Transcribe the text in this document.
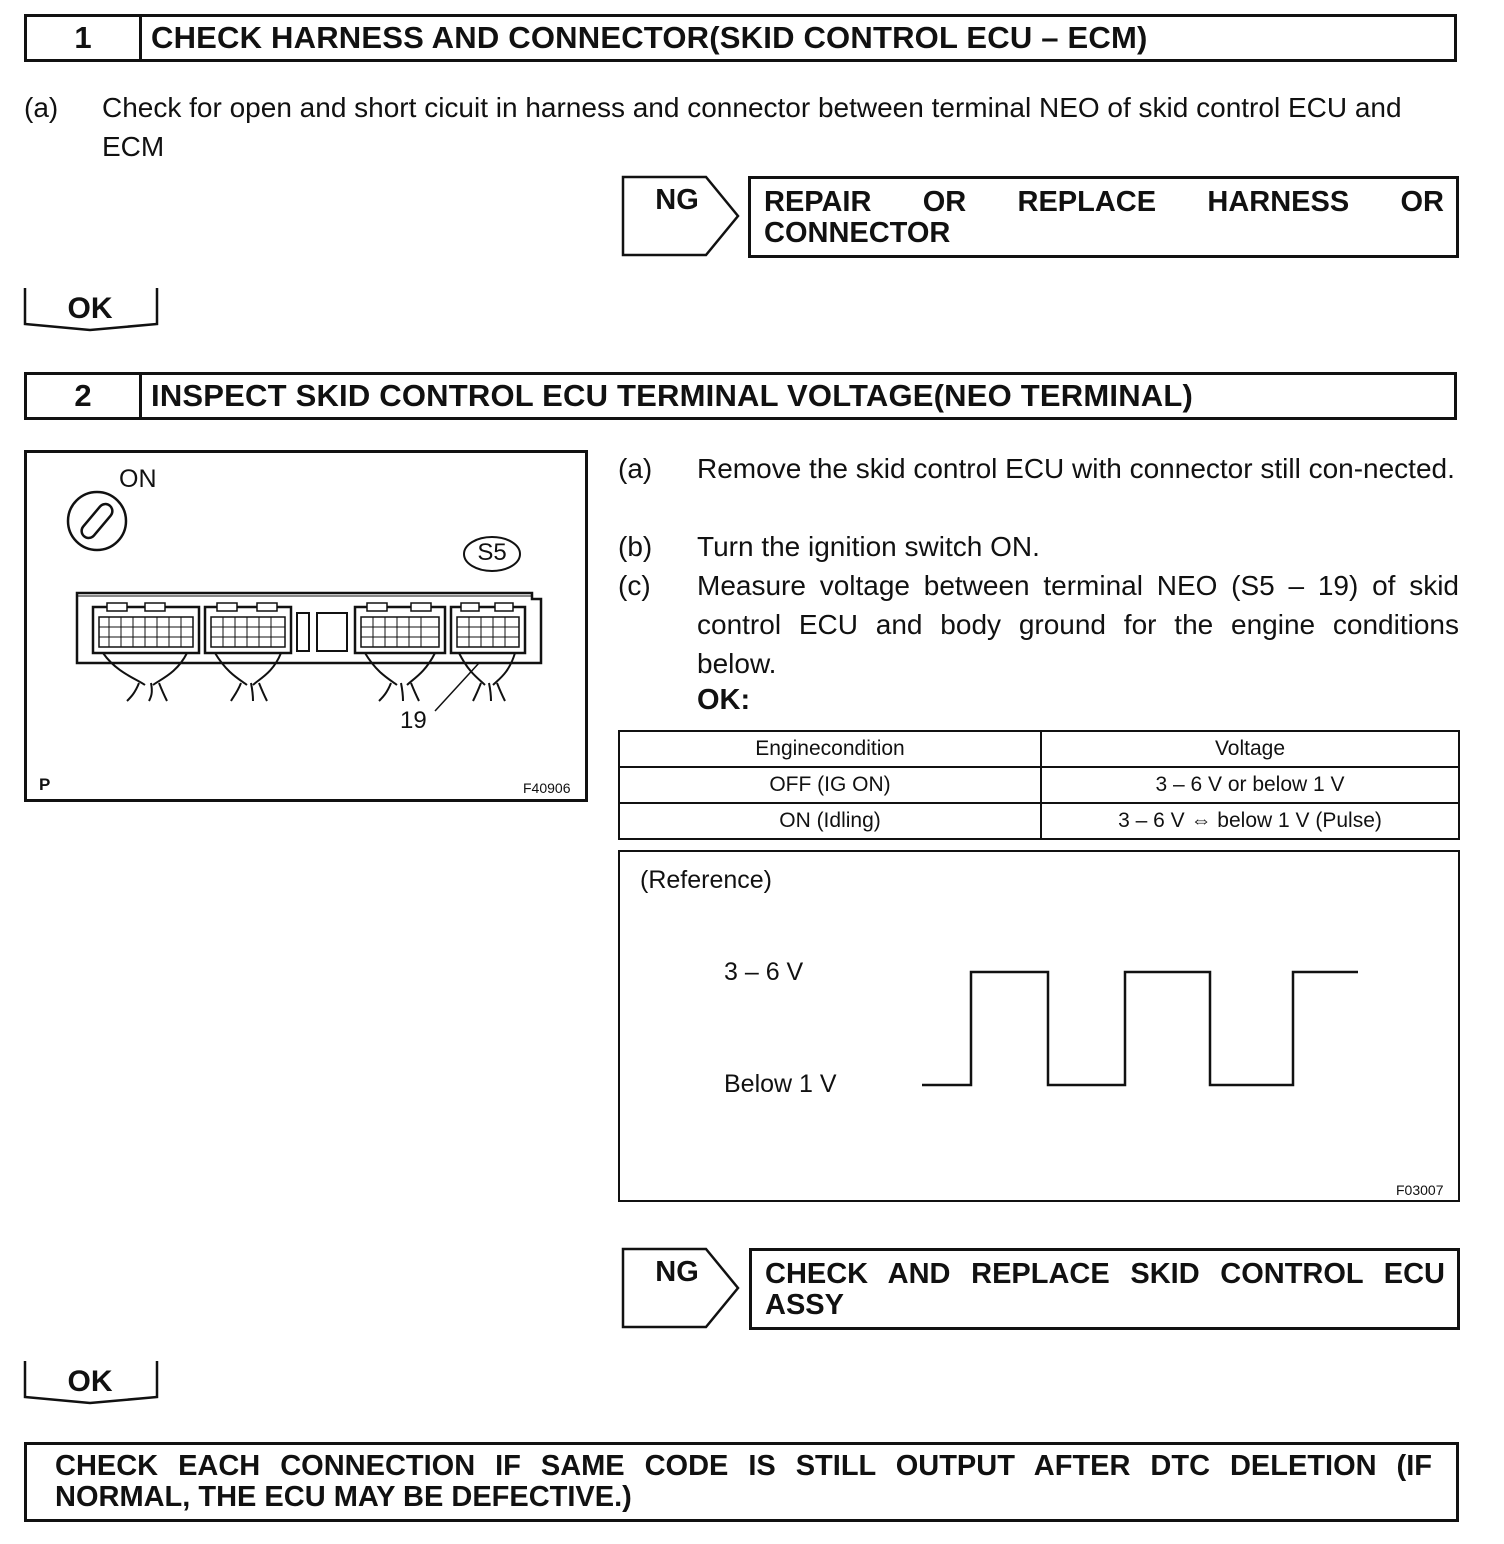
1	CHECK HARNESS AND CONNECTOR(SKID CONTROL ECU – ECM)
(a) Check for open and short cicuit in harness and connector between terminal NEO of skid control ECU and ECM
NG	REPAIR OR REPLACE HARNESS OR CONNECTOR
OK
2	INSPECT SKID CONTROL ECU TERMINAL VOLTAGE(NEO TERMINAL)
ON
S5
19
P	F40906
(a) Remove the skid control ECU with connector still con-nected.
(b) Turn the ignition switch ON.
(c) Measure voltage between terminal NEO (S5 – 19) of skid control ECU and body ground for the engine conditions below.
OK:
Enginecondition	Voltage
OFF (IG ON)	3 – 6 V or below 1 V
ON (Idling)	3 – 6 V ⇔ below 1 V (Pulse)
(Reference)
3 – 6 V
Below 1 V
F03007
NG	CHECK AND REPLACE SKID CONTROL ECU ASSY
OK
CHECK EACH CONNECTION IF SAME CODE IS STILL OUTPUT AFTER DTC DELETION (IF NORMAL, THE ECU MAY BE DEFECTIVE.)
